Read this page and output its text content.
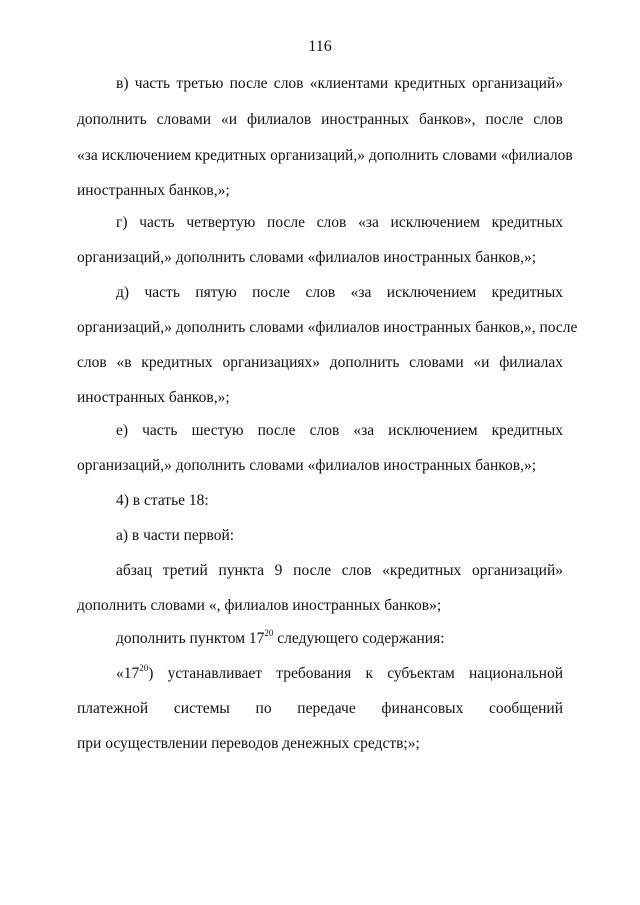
116
в) часть третью после слов «клиентами кредитных организаций»
дополнить словами «и филиалов иностранных банков», после слов
«за исключением кредитных организаций,» дополнить словами «филиалов
иностранных банков,»;
г) часть четвертую после слов «за исключением кредитных
организаций,» дополнить словами «филиалов иностранных банков,»;
д) часть пятую после слов «за исключением кредитных
организаций,» дополнить словами «филиалов иностранных банков,», после
слов «в кредитных организациях» дополнить словами «и филиалах
иностранных банков,»;
е) часть шестую после слов «за исключением кредитных
организаций,» дополнить словами «филиалов иностранных банков,»;
4) в статье 18:
а) в части первой:
абзац третий пункта 9 после слов «кредитных организаций»
дополнить словами «, филиалов иностранных банков»;
дополнить пунктом $17^{20}$ следующего содержания:
«$17^{20}$) устанавливает требования к субъектам национальной
платежной системы по передаче финансовых сообщений
при осуществлении переводов денежных средств;»;
